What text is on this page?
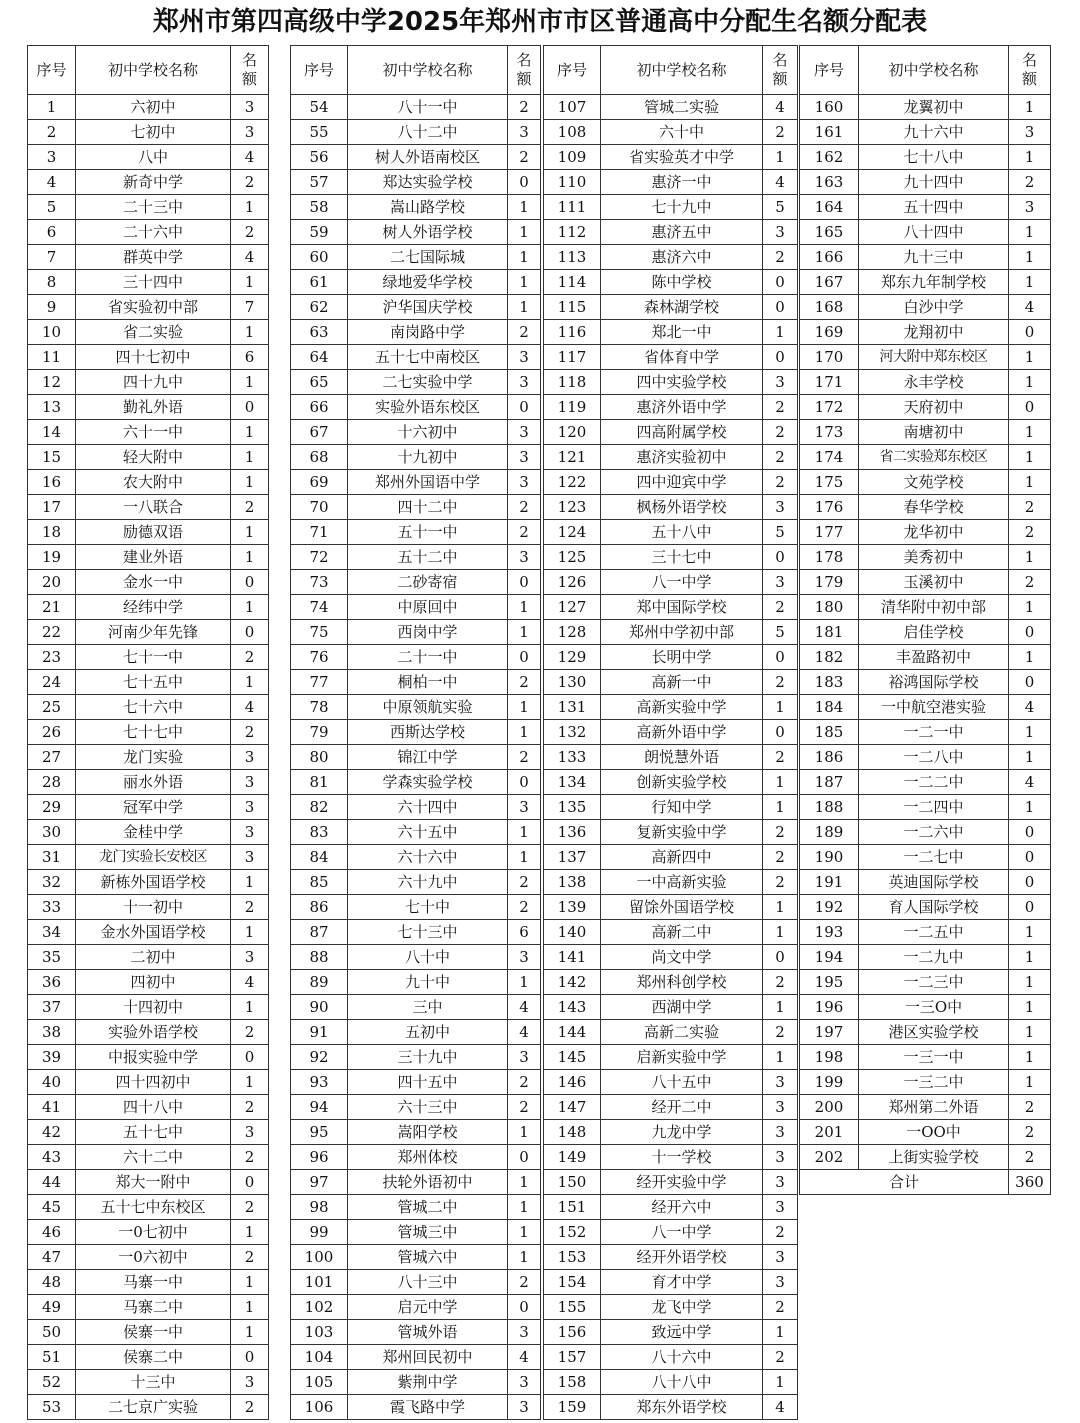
郑州市第四高级中学2025年郑州市市区普通高中分配生名额分配表
序号	初中学校名称	名额

1	六初中	3
2	七初中	3
3	八中	4
4	新奇中学	2
5	二十三中	1
6	二十六中	2
7	群英中学	4
8	三十四中	1
9	省实验初中部	7
10	省二实验	1
11	四十七初中	6
12	四十九中	1
13	勤礼外语	0
14	六十一中	1
15	轻大附中	1
16	农大附中	1
17	一八联合	2
18	励德双语	1
19	建业外语	1
20	金水一中	0
21	经纬中学	1
22	河南少年先锋	0
23	七十一中	2
24	七十五中	1
25	七十六中	4
26	七十七中	2
27	龙门实验	3
28	丽水外语	3
29	冠军中学	3
30	金桂中学	3
31	龙门实验长安校区	3
32	新栋外国语学校	1
33	十一初中	2
34	金水外国语学校	1
35	二初中	3
36	四初中	4
37	十四初中	1
38	实验外语学校	2
39	中报实验中学	0
40	四十四初中	1
41	四十八中	2
42	五十七中	3
43	六十二中	2
44	郑大一附中	0
45	五十七中东校区	2
46	一0七初中	1
47	一0六初中	2
48	马寨一中	1
49	马寨二中	1
50	侯寨一中	1
51	侯寨二中	0
52	十三中	3
53	二七京广实验	2
序号	初中学校名称	名额

54	八十一中	2
55	八十二中	3
56	树人外语南校区	2
57	郑达实验学校	0
58	嵩山路学校	1
59	树人外语学校	1
60	二七国际城	1
61	绿地爱华学校	1
62	沪华国庆学校	1
63	南岗路中学	2
64	五十七中南校区	3
65	二七实验中学	3
66	实验外语东校区	0
67	十六初中	3
68	十九初中	3
69	郑州外国语中学	3
70	四十二中	2
71	五十一中	2
72	五十二中	3
73	二砂寄宿	0
74	中原回中	1
75	西岗中学	1
76	二十一中	0
77	桐柏一中	2
78	中原领航实验	1
79	西斯达学校	1
80	锦江中学	2
81	学森实验学校	0
82	六十四中	3
83	六十五中	1
84	六十六中	1
85	六十九中	2
86	七十中	2
87	七十三中	6
88	八十中	3
89	九十中	1
90	三中	4
91	五初中	4
92	三十九中	3
93	四十五中	2
94	六十三中	2
95	嵩阳学校	1
96	郑州体校	0
97	扶轮外语初中	1
98	管城二中	1
99	管城三中	1
100	管城六中	1
101	八十三中	2
102	启元中学	0
103	管城外语	3
104	郑州回民初中	4
105	紫荆中学	3
106	霞飞路中学	3
序号	初中学校名称	名额

107	管城二实验	4
108	六十中	2
109	省实验英才中学	1
110	惠济一中	4
111	七十九中	5
112	惠济五中	3
113	惠济六中	2
114	陈中学校	0
115	森林湖学校	0
116	郑北一中	1
117	省体育中学	0
118	四中实验学校	3
119	惠济外语中学	2
120	四高附属学校	2
121	惠济实验初中	2
122	四中迎宾中学	2
123	枫杨外语学校	3
124	五十八中	5
125	三十七中	0
126	八一中学	3
127	郑中国际学校	2
128	郑州中学初中部	5
129	长明中学	0
130	高新一中	2
131	高新实验中学	1
132	高新外语中学	0
133	朗悦慧外语	2
134	创新实验学校	1
135	行知中学	1
136	复新实验中学	2
137	高新四中	2
138	一中高新实验	2
139	留馀外国语学校	1
140	高新二中	1
141	尚文中学	0
142	郑州科创学校	2
143	西湖中学	1
144	高新二实验	2
145	启新实验中学	1
146	八十五中	3
147	经开二中	3
148	九龙中学	3
149	十一学校	3
150	经开实验中学	3
151	经开六中	3
152	八一中学	2
153	经开外语学校	3
154	育才中学	3
155	龙飞中学	2
156	致远中学	1
157	八十六中	2
158	八十八中	1
159	郑东外语学校	4
序号	初中学校名称	名额

160	龙翼初中	1
161	九十六中	3
162	七十八中	1
163	九十四中	2
164	五十四中	3
165	八十四中	1
166	九十三中	1
167	郑东九年制学校	1
168	白沙中学	4
169	龙翔初中	0
170	河大附中郑东校区	1
171	永丰学校	1
172	天府初中	0
173	南塘初中	1
174	省二实验郑东校区	1
175	文苑学校	1
176	春华学校	2
177	龙华初中	2
178	美秀初中	1
179	玉溪初中	2
180	清华附中初中部	1
181	启佳学校	0
182	丰盈路初中	1
183	裕鸿国际学校	0
184	一中航空港实验	4
185	一二一中	1
186	一二八中	1
187	一二二中	4
188	一二四中	1
189	一二六中	0
190	一二七中	0
191	英迪国际学校	0
192	育人国际学校	0
193	一二五中	1
194	一二九中	1
195	一二三中	1
196	一三O中	1
197	港区实验学校	1
198	一三一中	1
199	一三二中	1
200	郑州第二外语	2
201	一OO中	2
202	上街实验学校	2
合计		360
